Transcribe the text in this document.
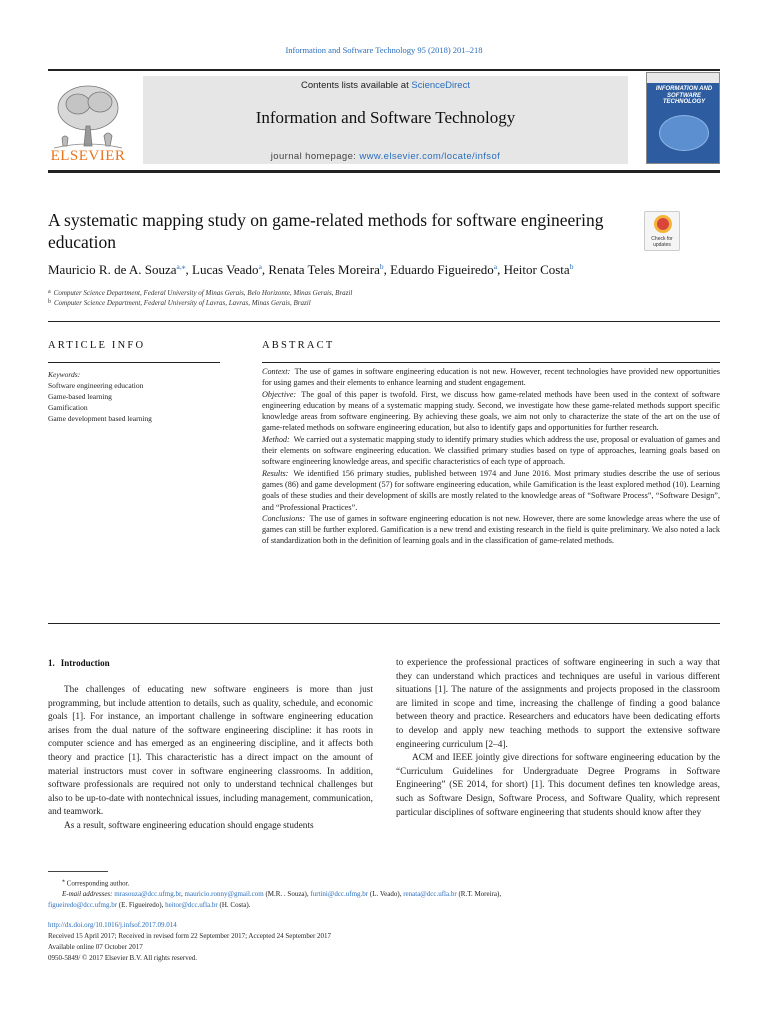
Information and Software Technology 95 (2018) 201–218
ELSEVIER
Contents lists available at ScienceDirect
Information and Software Technology
journal homepage: www.elsevier.com/locate/infsof
INFORMATION AND SOFTWARE TECHNOLOGY
A systematic mapping study on game-related methods for software engineering education	Check for updates
Mauricio R. de A. Souza$^{a,⁎}$, Lucas Veado$^a$, Renata Teles Moreira$^b$, Eduardo Figueiredo$^a$, Heitor Costa$^b$
a Computer Science Department, Federal University of Minas Gerais, Belo Horizonte, Minas Gerais, Brazil
b Computer Science Department, Federal University of Lavras, Lavras, Minas Gerais, Brazil
ARTICLE INFO	ABSTRACT
Keywords:
Software engineering education
Game-based learning
Gamification
Game development based learning

Context: The use of games in software engineering education is not new. However, recent technologies have provided new opportunities for using games and their elements to enhance learning and student engagement.

Objective: The goal of this paper is twofold. First, we discuss how game-related methods have been used in the context of software engineering education by means of a systematic mapping study. Second, we investigate how these game-related methods support specific knowledge areas from software engineering. By achieving these goals, we aim not only to characterize the state of the art on the use of game-related methods on software engineering education, but also to identify gaps and opportunities for further research.

Method: We carried out a systematic mapping study to identify primary studies which address the use, proposal or evaluation of games and their elements on software engineering education. We classified primary studies based on type of approaches, learning goals based on software engineering knowledge areas, and specific characteristics of each type of approach.

Results: We identified 156 primary studies, published between 1974 and June 2016. Most primary studies describe the use of serious games (86) and game development (57) for software engineering education, while Gamification is the least explored method (10). Learning goals of these studies and their development of skills are mostly related to the knowledge areas of “Software Process”, “Software Design”, and “Professional Practices”.

Conclusions: The use of games in software engineering education is not new. However, there are some knowledge areas where the use of games can still be further explored. Gamification is a new trend and existing research in the field is quite preliminary. We also noted a lack of standardization both in the definition of learning goals and in the classification of game-related methods.

1. Introduction

The challenges of educating new software engineers is more than just programming, but include attention to details, such as quality, schedule, and economic goals [1]. For instance, an important challenge in software engineering education arises from the dual nature of the software engineering discipline: it has roots in computer science and has emerged as an engineering discipline, and it affects both theory and practice [1]. This characteristic has a direct impact on the amount of material instructors must cover in software engineering classrooms. In addition, software professionals are required not only to understand technical challenges but also to be up-to-date with nontechnical issues, including management, communication, and teamwork.

As a result, software engineering education should engage students

to experience the professional practices of software engineering in such a way that they can understand which practices and techniques are useful in various different situations [1]. The nature of the assignments and projects proposed in the classroom are limited in scope and time, increasing the challenge of finding a good balance between theory and practice. Researchers and educators have been dedicating efforts to develop and apply new teaching methods to support the extensive software engineering curriculum [2–4].

ACM and IEEE jointly give directions for software engineering education by the “Curriculum Guidelines for Undergraduate Degree Programs in Software Engineering” (SE 2014, for short) [1]. This document defines ten knowledge areas, such as Software Design, Software Process, and Software Quality, which represent particular disciplines of software engineering that students should know after they

⁎ Corresponding author.
E-mail addresses: mrasouza@dcc.ufmg.br, mauricio.ronny@gmail.com (M.R. . Souza), furtini@dcc.ufmg.br (L. Veado), renata@dcc.ufla.br (R.T. Moreira),
figueiredo@dcc.ufmg.br (E. Figueiredo), heitor@dcc.ufla.br (H. Costa).
http://dx.doi.org/10.1016/j.infsof.2017.09.014
Received 15 April 2017; Received in revised form 22 September 2017; Accepted 24 September 2017
Available online 07 October 2017
0950-5849/ © 2017 Elsevier B.V. All rights reserved.
